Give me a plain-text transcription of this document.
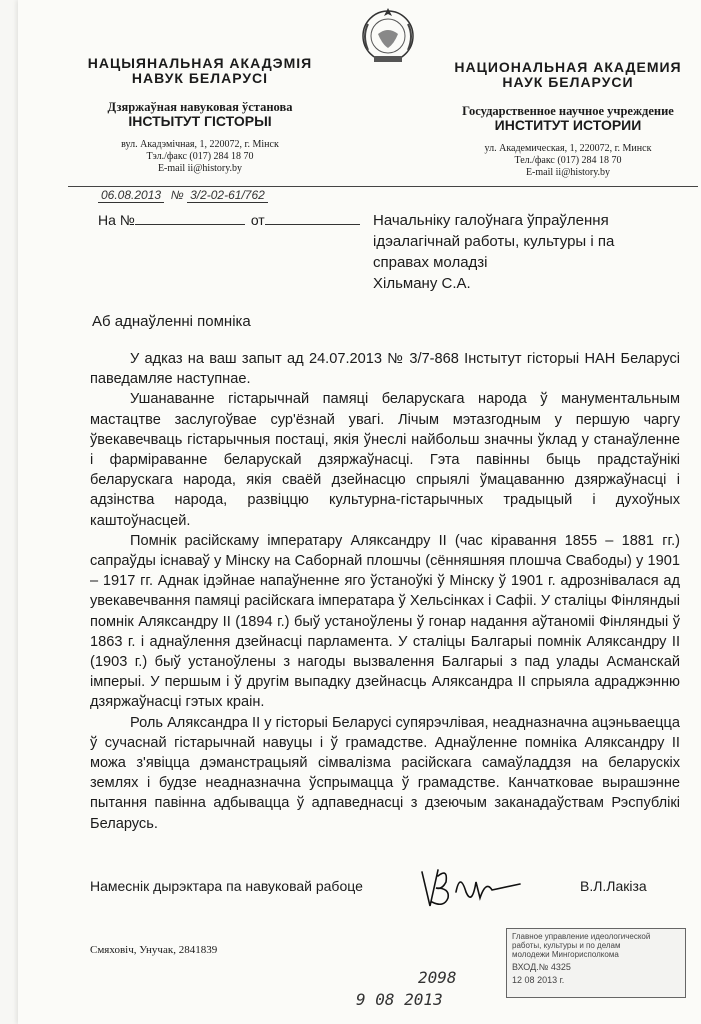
НАЦЫЯНАЛЬНАЯ АКАДЭМІЯ
НАВУК БЕЛАРУСІ
Дзяржаўная навуковая ўстанова
ІНСТЫТУТ ГІСТОРЫІ
вул. Акадэмічная, 1, 220072, г. Мінск
Тэл./факс (017) 284 18 70
E-mail ii@history.by
НАЦИОНАЛЬНАЯ АКАДЕМИЯ
НАУК БЕЛАРУСИ
Государственное научное учреждение
ИНСТИТУТ ИСТОРИИ
ул. Академическая, 1, 220072, г. Минск
Тел./факс (017) 284 18 70
E-mail ii@history.by
06.08.2013 № 3/2-02-61/762
На №	от	Начальніку галоўнага ўпраўлення
ідэалагічнай работы, культуры і па
справах моладзі
Хільману С.А.
Аб аднаўленні помніка

У адказ на ваш запыт ад 24.07.2013 № 3/7-868 Інстытут гісторыі НАН Беларусі паведамляе наступнае.

Ушанаванне гістарычнай памяці беларускага народа ў манументальным мастацтве заслугоўвае сур'ёзнай увагі. Лічым мэтазгодным у першую чаргу ўвекавечваць гістарычныя постаці, якія ўнеслі найбольш значны ўклад у станаўленне і фарміраванне беларускай дзяржаўнасці. Гэта павінны быць прадстаўнікі беларускага народа, якія сваёй дзейнасцю спрыялі ўмацаванню дзяржаўнасці і адзінства народа, развіццю культурна-гістарычных традыцый і духоўных каштоўнасцей.

Помнік расійскаму імператару Аляксандру II (час кіравання 1855 – 1881 гг.) сапраўды існаваў у Мінску на Саборнай плошчы (сённяшняя плошча Свабоды) у 1901 – 1917 гг. Аднак ідэйнае напаўненне яго ўстаноўкі ў Мінску ў 1901 г. адрознівалася ад увекавечвання памяці расійскага імператара ў Хельсінках і Сафіі. У сталіцы Фінляндыі помнік Аляксандру II (1894 г.) быў устаноўлены ў гонар надання аўтаноміі Фінляндыі ў 1863 г. і аднаўлення дзейнасці парламента. У сталіцы Балгарыі помнік Аляксандру II (1903 г.) быў устаноўлены з нагоды вызвалення Балгарыі з пад улады Асманскай імперыі. У першым і ў другім выпадку дзейнасць Аляксандра II спрыяла адраджэнню дзяржаўнасці гэтых краін.

Роль Аляксандра II у гісторыі Беларусі супярэчлівая, неадназначна ацэньваецца ў сучаснай гістарычнай навуцы і ў грамадстве. Аднаўленне помніка Аляксандру II можа з'явіцца дэманстрацыяй сімвалізма расійскага самаўладдзя на беларускіх землях і будзе неадназначна ўспрымацца ў грамадстве. Канчатковае вырашэнне пытання павінна адбывацца ў адпаведнасці з дзеючым заканадаўствам Рэспублікі Беларусь.

Намеснік дырэктара па навуковай рабоце	В.Л.Лакіза
Смяховіч, Унучак, 2841839
Главное управление идеологической
работы, культуры и по делам
молодежи Мингорисполкома
ВХОД.№ 4325
12 08 2013 г.
2098
9 08 2013
